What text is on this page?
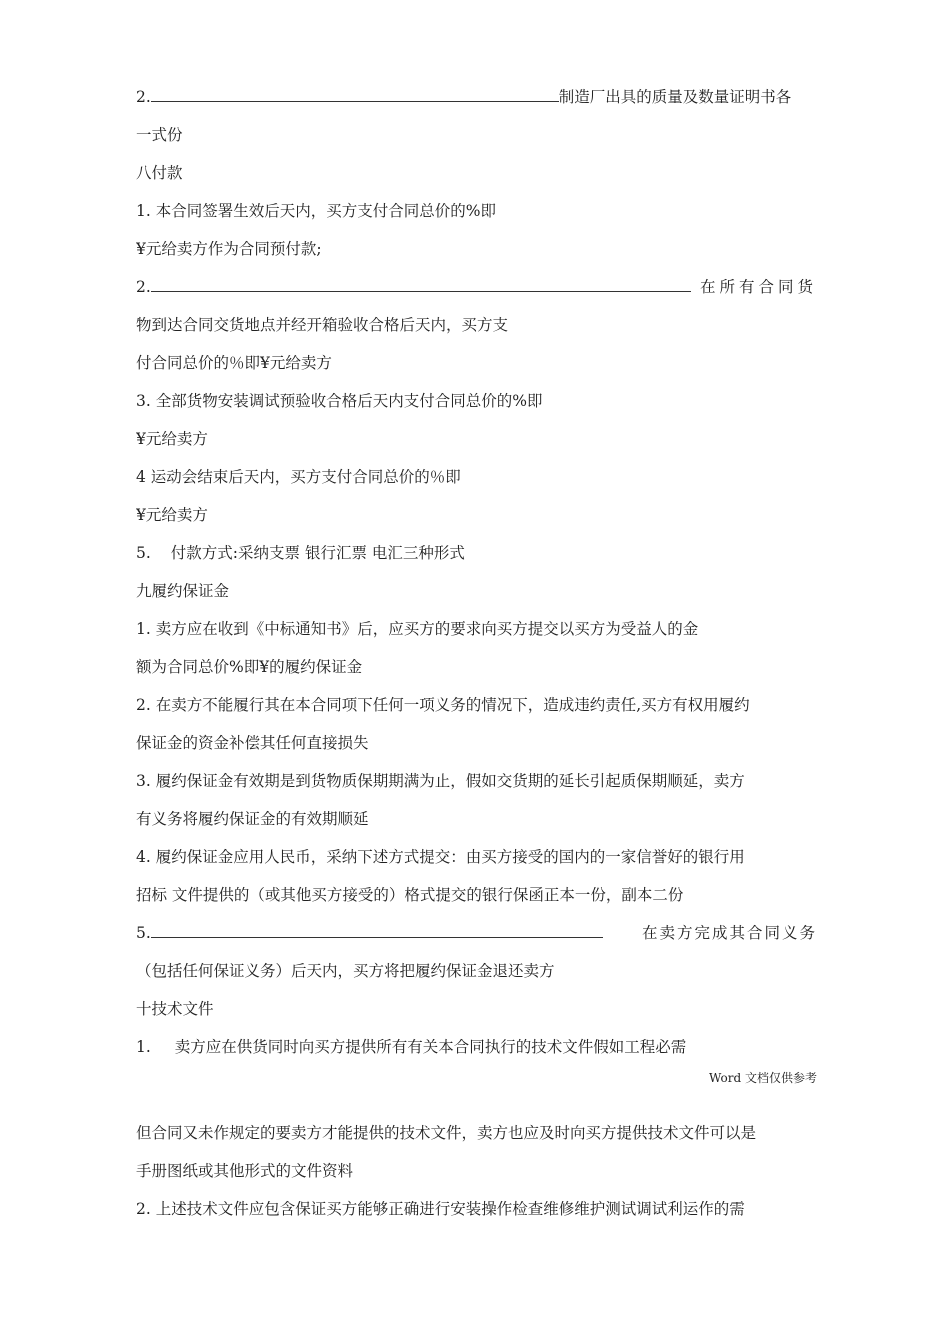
2.	制造厂出具的质量及数量证明书各
一式份
八付款
1. 本合同签署生效后天内，买方支付合同总价的%即
¥元给卖方作为合同预付款;
2.	在所有合同货
物到达合同交货地点并经开箱验收合格后天内，买方支
付合同总价的％即¥元给卖方
3. 全部货物安装调试预验收合格后天内支付合同总价的%即
¥元给卖方
4 运动会结束后天内，买方支付合同总价的％即
¥元给卖方
5. 付款方式:采纳支票 银行汇票 电汇三种形式
九履约保证金
1. 卖方应在收到《中标通知书》后，应买方的要求向买方提交以买方为受益人的金
额为合同总价%即¥的履约保证金
2. 在卖方不能履行其在本合同项下任何一项义务的情况下，造成违约责任,买方有权用履约
保证金的资金补偿其任何直接损失
3. 履约保证金有效期是到货物质保期期满为止，假如交货期的延长引起质保期顺延，卖方
有义务将履约保证金的有效期顺延
4. 履约保证金应用人民币，采纳下述方式提交：由买方接受的国内的一家信誉好的银行用
招标 文件提供的（或其他买方接受的）格式提交的银行保函正本一份，副本二份
5.	在卖方完成其合同义务
（包括任何保证义务）后天内，买方将把履约保证金退还卖方
十技术文件
1. 卖方应在供货同时向买方提供所有有关本合同执行的技术文件假如工程必需
Word 文档仅供参考
但合同又未作规定的要卖方才能提供的技术文件，卖方也应及时向买方提供技术文件可以是
手册图纸或其他形式的文件资料
2. 上述技术文件应包含保证买方能够正确进行安装操作检查维修维护测试调试利运作的需
